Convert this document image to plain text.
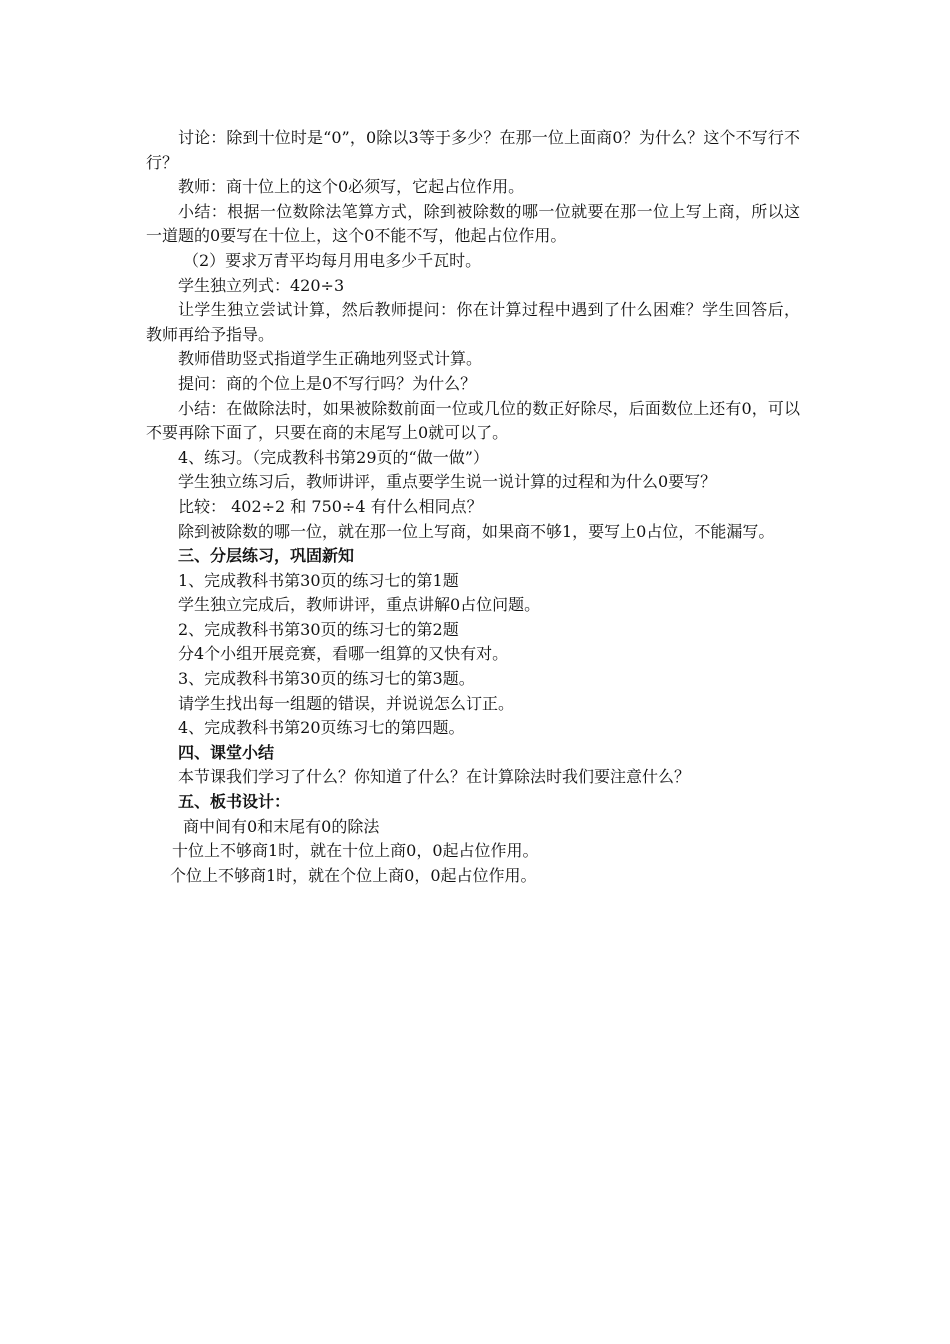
讨论：除到十位时是“0”，0除以3等于多少？在那一位上面商0？为什么？这个不写行不行？

教师：商十位上的这个0必须写，它起占位作用。

小结：根据一位数除法笔算方式，除到被除数的哪一位就要在那一位上写上商，所以这一道题的0要写在十位上，这个0不能不写，他起占位作用。

（2）要求万青平均每月用电多少千瓦时。

学生独立列式：420÷3

让学生独立尝试计算，然后教师提问：你在计算过程中遇到了什么困难？学生回答后，教师再给予指导。

教师借助竖式指道学生正确地列竖式计算。

提问：商的个位上是0不写行吗？为什么？

小结：在做除法时，如果被除数前面一位或几位的数正好除尽，后面数位上还有0，可以不要再除下面了，只要在商的末尾写上0就可以了。

4、练习。（完成教科书第29页的“做一做”）

学生独立练习后，教师讲评，重点要学生说一说计算的过程和为什么0要写？

比较： 402÷2 和 750÷4 有什么相同点？

除到被除数的哪一位，就在那一位上写商，如果商不够1，要写上0占位，不能漏写。

三、分层练习，巩固新知

1、完成教科书第30页的练习七的第1题

学生独立完成后，教师讲评，重点讲解0占位问题。

2、完成教科书第30页的练习七的第2题

分4个小组开展竞赛，看哪一组算的又快有对。

3、完成教科书第30页的练习七的第3题。

请学生找出每一组题的错误，并说说怎么订正。

4、完成教科书第20页练习七的第四题。

四、课堂小结

本节课我们学习了什么？你知道了什么？在计算除法时我们要注意什么？

五、板书设计：

商中间有0和末尾有0的除法

十位上不够商1时，就在十位上商0，0起占位作用。

个位上不够商1时，就在个位上商0，0起占位作用。
